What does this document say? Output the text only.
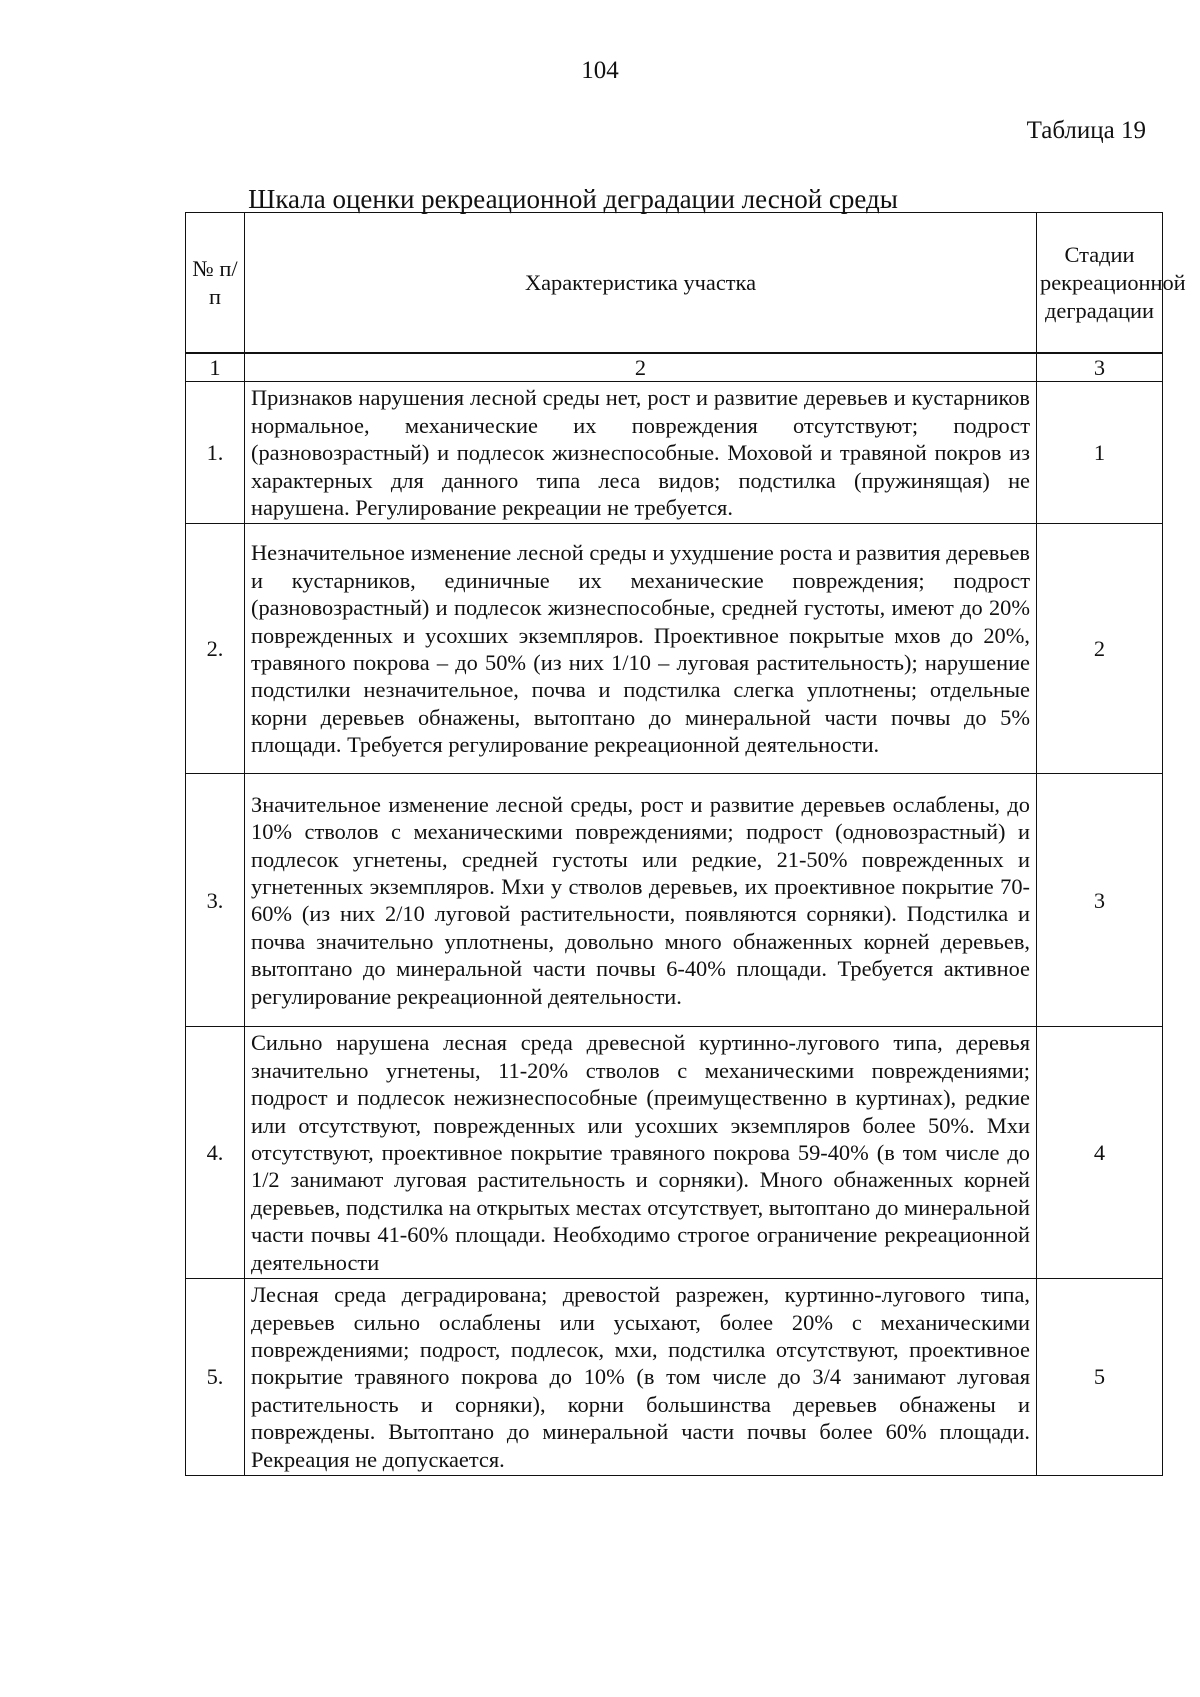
104
Таблица 19
Шкала оценки рекреационной деградации лесной среды
№ п/п	Характеристика участка	Стадии рекреационной деградации

1	2	3
1.	Признаков нарушения лесной среды нет, рост и развитие деревьев и кустарников нормальное, механические их повреждения отсутствуют; подрост (разновозрастный) и подлесок жизнеспособные. Моховой и травяной покров из характерных для данного типа леса видов; подстилка (пружинящая) не нарушена. Регулирование рекреации не требуется.	1
2.	Незначительное изменение лесной среды и ухудшение роста и развития деревьев и кустарников, единичные их механические повреждения; подрост (разновозрастный) и подлесок жизнеспособные, средней густоты, имеют до 20% поврежденных и усохших экземпляров. Проективное покрытые мхов до 20%, травяного покрова – до 50% (из них 1/10 – луговая растительность); нарушение подстилки незначительное, почва и подстилка слегка уплотнены; отдельные корни деревьев обнажены, вытоптано до минеральной части почвы до 5% площади. Требуется регулирование рекреационной деятельности.	2
3.	Значительное изменение лесной среды, рост и развитие деревьев ослаблены, до 10% стволов с механическими повреждениями; подрост (одновозрастный) и подлесок угнетены, средней густоты или редкие, 21-50% поврежденных и угнетенных экземпляров. Мхи у стволов деревьев, их проективное покрытие 70-60% (из них 2/10 луговой растительности, появляются сорняки). Подстилка и почва значительно уплотнены, довольно много обнаженных корней деревьев, вытоптано до минеральной части почвы 6-40% площади. Требуется активное регулирование рекреационной деятельности.	3
4.	Сильно нарушена лесная среда древесной куртинно-лугового типа, деревья значительно угнетены, 11-20% стволов с механическими повреждениями; подрост и подлесок нежизнеспособные (преимущественно в куртинах), редкие или отсутствуют, поврежденных или усохших экземпляров более 50%. Мхи отсутствуют, проективное покрытие травяного покрова 59-40% (в том числе до 1/2 занимают луговая растительность и сорняки). Много обнаженных корней деревьев, подстилка на открытых местах отсутствует, вытоптано до минеральной части почвы 41-60% площади. Необходимо строгое ограничение рекреационной деятельности	4
5.	Лесная среда деградирована; древостой разрежен, куртинно-лугового типа, деревьев сильно ослаблены или усыхают, более 20% с механическими повреждениями; подрост, подлесок, мхи, подстилка отсутствуют, проективное покрытие травяного покрова до 10% (в том числе до 3/4 занимают луговая растительность и сорняки), корни большинства деревьев обнажены и повреждены. Вытоптано до минеральной части почвы более 60% площади. Рекреация не допускается.	5
